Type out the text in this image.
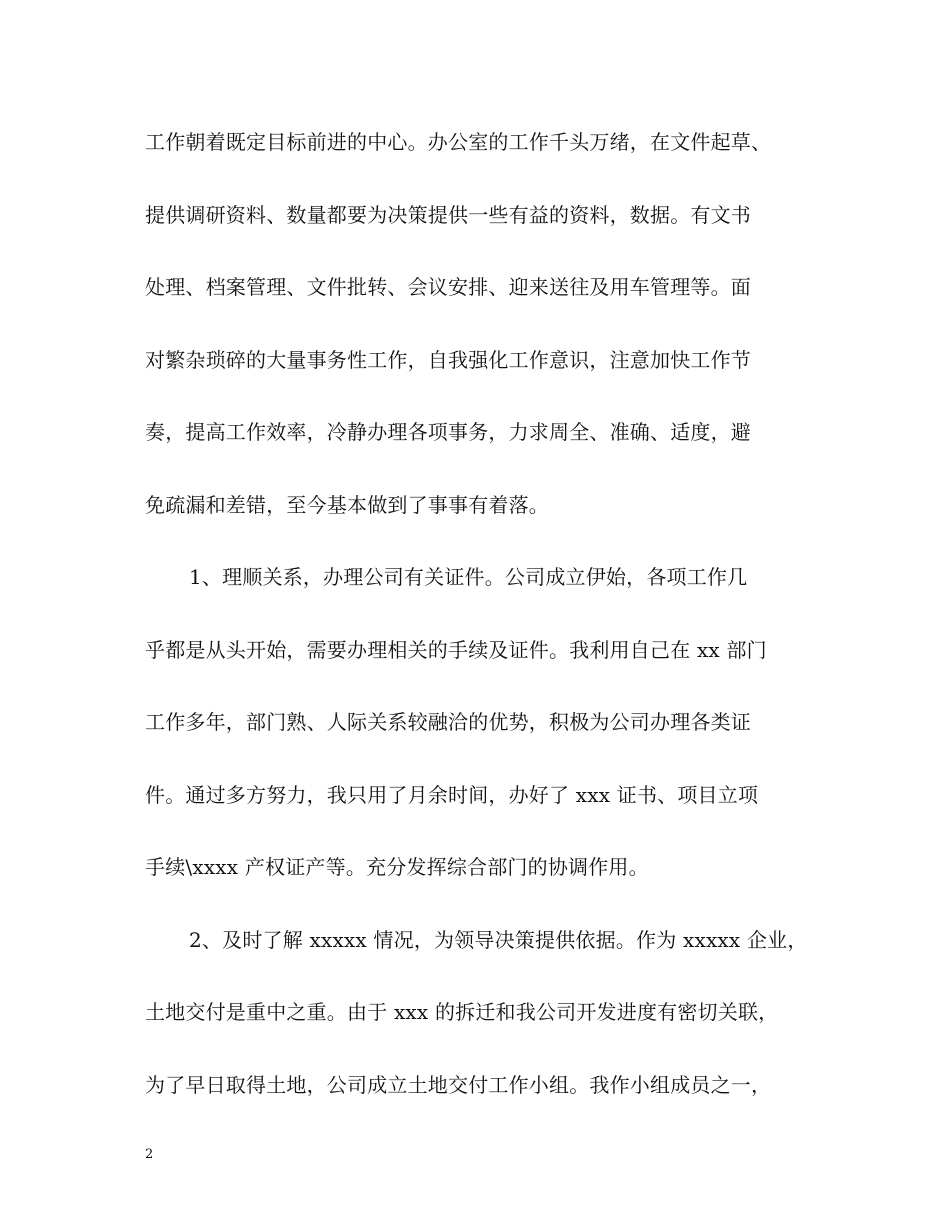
工作朝着既定目标前进的中心。办公室的工作千头万绪，在文件起草、
提供调研资料、数量都要为决策提供一些有益的资料，数据。有文书
处理、档案管理、文件批转、会议安排、迎来送往及用车管理等。面
对繁杂琐碎的大量事务性工作，自我强化工作意识，注意加快工作节
奏，提高工作效率，冷静办理各项事务，力求周全、准确、适度，避
免疏漏和差错，至今基本做到了事事有着落。
1、理顺关系，办理公司有关证件。公司成立伊始，各项工作几
乎都是从头开始，需要办理相关的手续及证件。我利用自己在 xx 部门
工作多年，部门熟、人际关系较融洽的优势，积极为公司办理各类证
件。通过多方努力，我只用了月余时间，办好了 xxx 证书、项目立项
手续\xxxx 产权证产等。充分发挥综合部门的协调作用。
2、及时了解 xxxxx 情况，为领导决策提供依据。作为 xxxxx 企业，
土地交付是重中之重。由于 xxx 的拆迁和我公司开发进度有密切关联，
为了早日取得土地，公司成立土地交付工作小组。我作小组成员之一，
2
